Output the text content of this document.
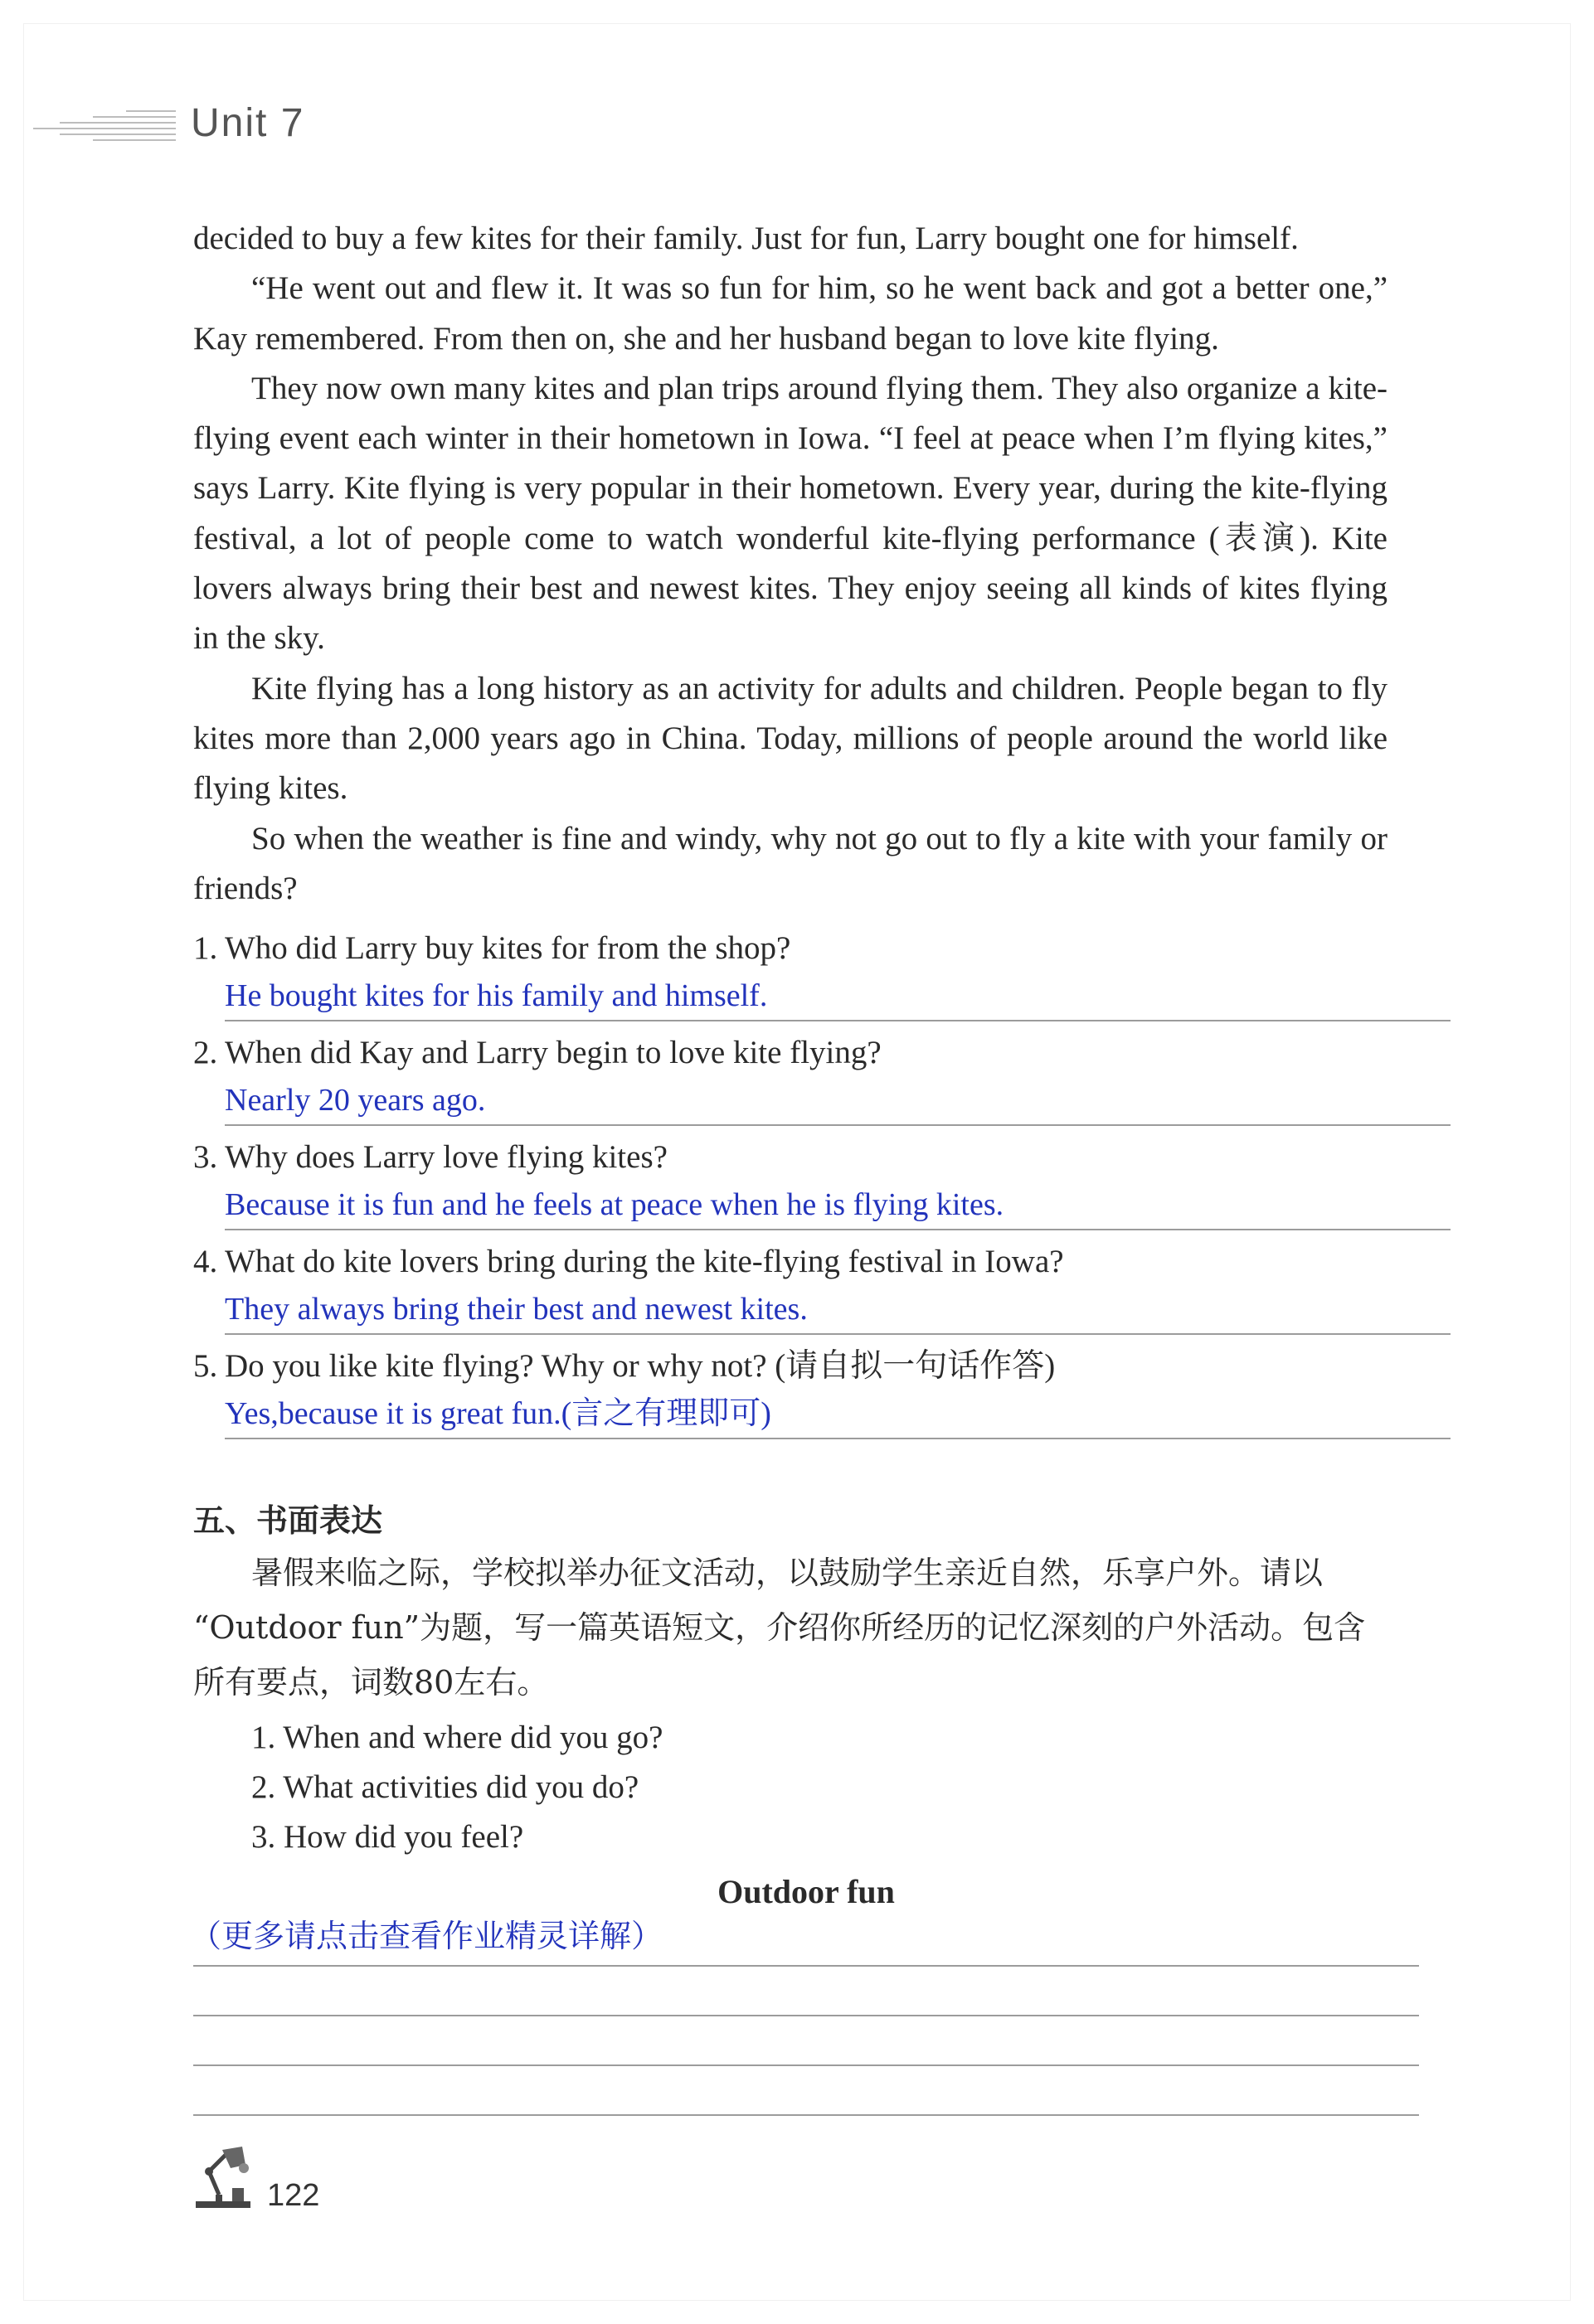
Unit 7

decided to buy a few kites for their family. Just for fun, Larry bought one for himself.

“He went out and flew it. It was so fun for him, so he went back and got a better one,” Kay remembered. From then on, she and her husband began to love kite flying.

They now own many kites and plan trips around flying them. They also organize a kite-flying event each winter in their hometown in Iowa. “I feel at peace when I’m flying kites,” says Larry. Kite flying is very popular in their hometown. Every year, during the kite-flying festival, a lot of people come to watch wonderful kite-flying performance (表演). Kite lovers always bring their best and newest kites. They enjoy seeing all kinds of kites flying in the sky.

Kite flying has a long history as an activity for adults and children. People began to fly kites more than 2,000 years ago in China. Today, millions of people around the world like flying kites.

So when the weather is fine and windy, why not go out to fly a kite with your family or friends?

1. Who did Larry buy kites for from the shop?
He bought kites for his family and himself.
2. When did Kay and Larry begin to love kite flying?
Nearly 20 years ago.
3. Why does Larry love flying kites?
Because it is fun and he feels at peace when he is flying kites.
4. What do kite lovers bring during the kite-flying festival in Iowa?
They always bring their best and newest kites.
5. Do you like kite flying? Why or why not? (请自拟一句话作答)
Yes,because it is great fun.(言之有理即可)
五、书面表达

暑假来临之际，学校拟举办征文活动，以鼓励学生亲近自然，乐享户外。请以

“Outdoor fun”为题，写一篇英语短文，介绍你所经历的记忆深刻的户外活动。包含所有要点，词数80左右。

1. When and where did you go?
2. What activities did you do?
3. How did you feel?
Outdoor fun
（更多请点击查看作业精灵详解）
122
